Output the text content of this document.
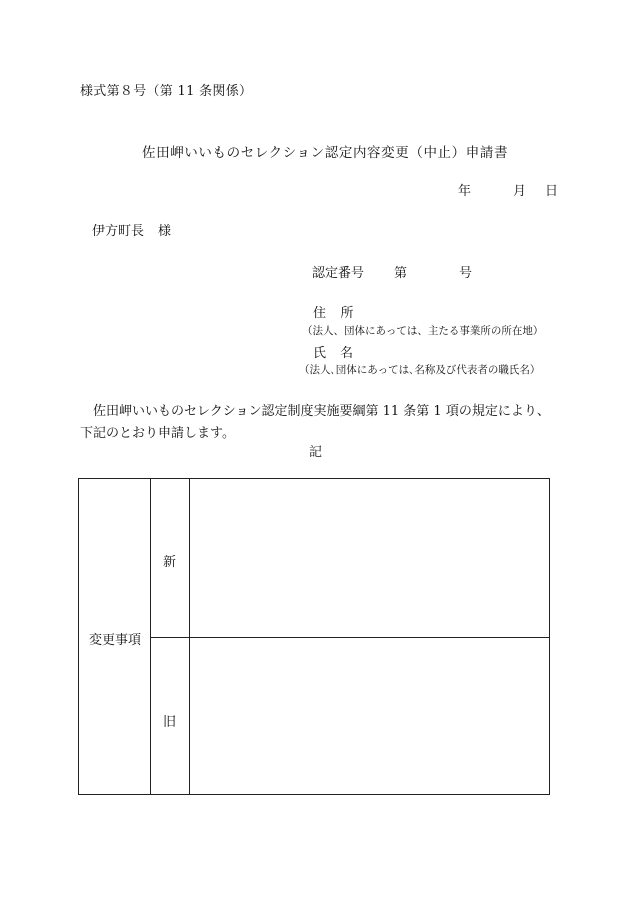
様式第８号（第 11 条関係）
佐田岬いいものセレクション認定内容変更（中止）申請書
年	月 日
伊方町長 様
認定番号 第	号
住 所
（法人、団体にあっては、主たる事業所の所在地）
氏 名
（法人､団体にあっては､名称及び代表者の職氏名）
佐田岬いいものセレクション認定制度実施要綱第 11 条第 1 項の規定により、
下記のとおり申請します。
記
変更事項
新
旧
